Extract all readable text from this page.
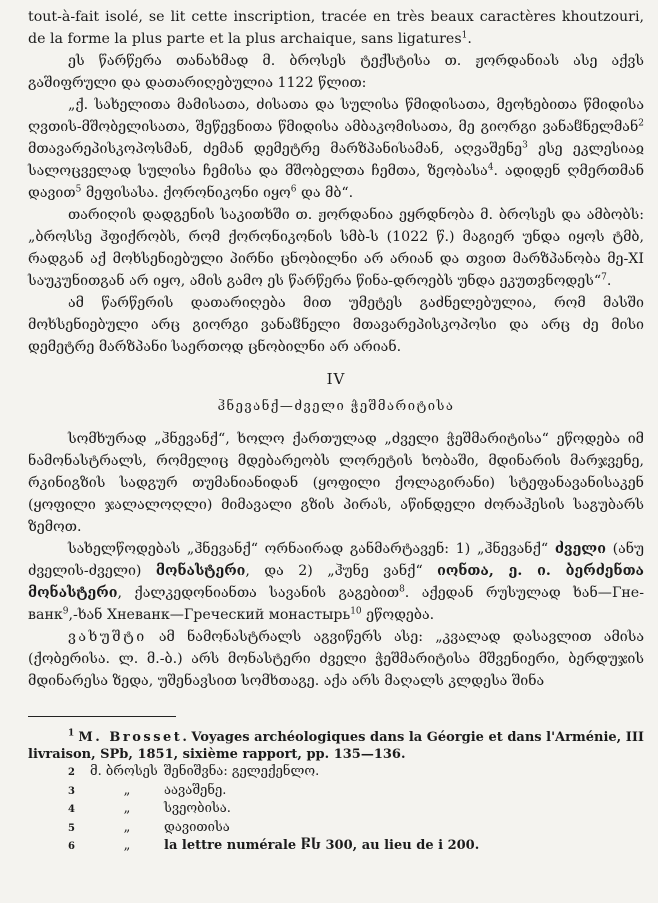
tout-à-fait isolé, se lit cette inscription, tracée en très beaux caractères khoutzouri, de la forme la plus parte et la plus archaique, sans ligatures$^1$.

ეს წარწერა თანახმად მ. ბროსეს ტექსტისა თ. ჟორდანიას ასე აქვს გაშიფრული და დათარიღებულია 1122 წლით:

„ქ. სახელითა მამისათა, ძისათა და სულისა წმიდისათა, მეოხებითა წმიდისა ღვთის-მშობელისათა, შეწევნითა წმიდისა ამბაკომისათა, მე გიორგი ვანაჱნელმან$^2$ მთავარეპისკოპოსმან, ძემან დემეტრე მარზპანისამან, აღვაშენე$^3$ ესე ეკლესიაჲ სალოცველად სულისა ჩემისა და მშობელთა ჩემთა, ზეობასა$^4$. ადიდენ ღმერთმან დავით$^5$ მეფისასა. ქორონიკონი იყო$^6$ და მბ“.

თარიღის დადგენის საკითხში თ. ჟორდანია ეყრდნობა მ. ბროსეს და ამბობს: „ბროსსე ჰფიქრობს, რომ ქორონიკონის სმბ-ს (1022 წ.) მაგიერ უნდა იყოს ტმბ, რადგან აქ მოხსენიებული პირნი ცნობილნი არ არიან და თვით მარზპანობა მე-XI საუკუნითგან არ იყო, ამის გამო ეს წარწერა წინა-დროებს უნდა ეკუთვნოდეს“$^7$.

ამ წარწერის დათარიღება მით უმეტეს გაძნელებულია, რომ მასში მოხსენიებული არც გიორგი ვანაჱნელი მთავარეპისკოპოსი და არც ძე მისი დემეტრე მარზპანი საერთოდ ცნობილნი არ არიან.

IV
ჰნევანქ—ძველი ჭეშმარიტისა

სომხურად „ჰნევანქ“, ხოლო ქართულად „ძველი ჭეშმარიტისა“ ეწოდება იმ ნამონასტრალს, რომელიც მდებარეობს ლორეტის ხობაში, მდინარის მარჯვენე, რკინიგზის სადგურ თუმანიანიდან (ყოფილი ქოლაგირანი) სტეფანავანისაკენ (ყოფილი ჯალალოღლი) მიმავალი გზის პირას, აწინდელი ძორაჰესის საგუბარს ზემოთ.

სახელწოდებას „ჰნევანქ“ ორნაირად განმარტავენ: 1) „ჰნევანქ“ ძველი (ანუ ძველის-ძველი) მონასტერი, და 2) „ჰუნე ვანქ“ იონთა, ე. ი. ბერძენთა მონასტერი, ქალკედონიანთა სავანის გაგებით$^8$. აქედან რუსულად ხან—Гне-ванк$^9$,-ხან Хневанк—Греческий монастырь$^{10}$ ეწოდება.

ვახუშტი ამ ნამონასტრალს აგვიწერს ასე: „კვალად დასავლით ამისა (ქობერისა. ლ. მ.-ბ.) არს მონასტერი ძველი ჭეშმარიტისა მშვენიერი, ბერდუჯის მდინარესა ზედა, უშენავსით სომხთაგე. აქა არს მაღალს კლდესა შინა

$^1$ M. Brosset. Voyages archéologiques dans la Géorgie et dans l'Arménie, III livraison, SPb, 1851, sixième rapport, pp. 135—136.

2	მ. ბროსეს შენიშვნა: გელექენლო.
3	„	აავაშენე.
4	„	სვეობისა.
5	„	დავითისა
6	„	la lettre numérale ႼႱ 300, au lieu de i 200.
